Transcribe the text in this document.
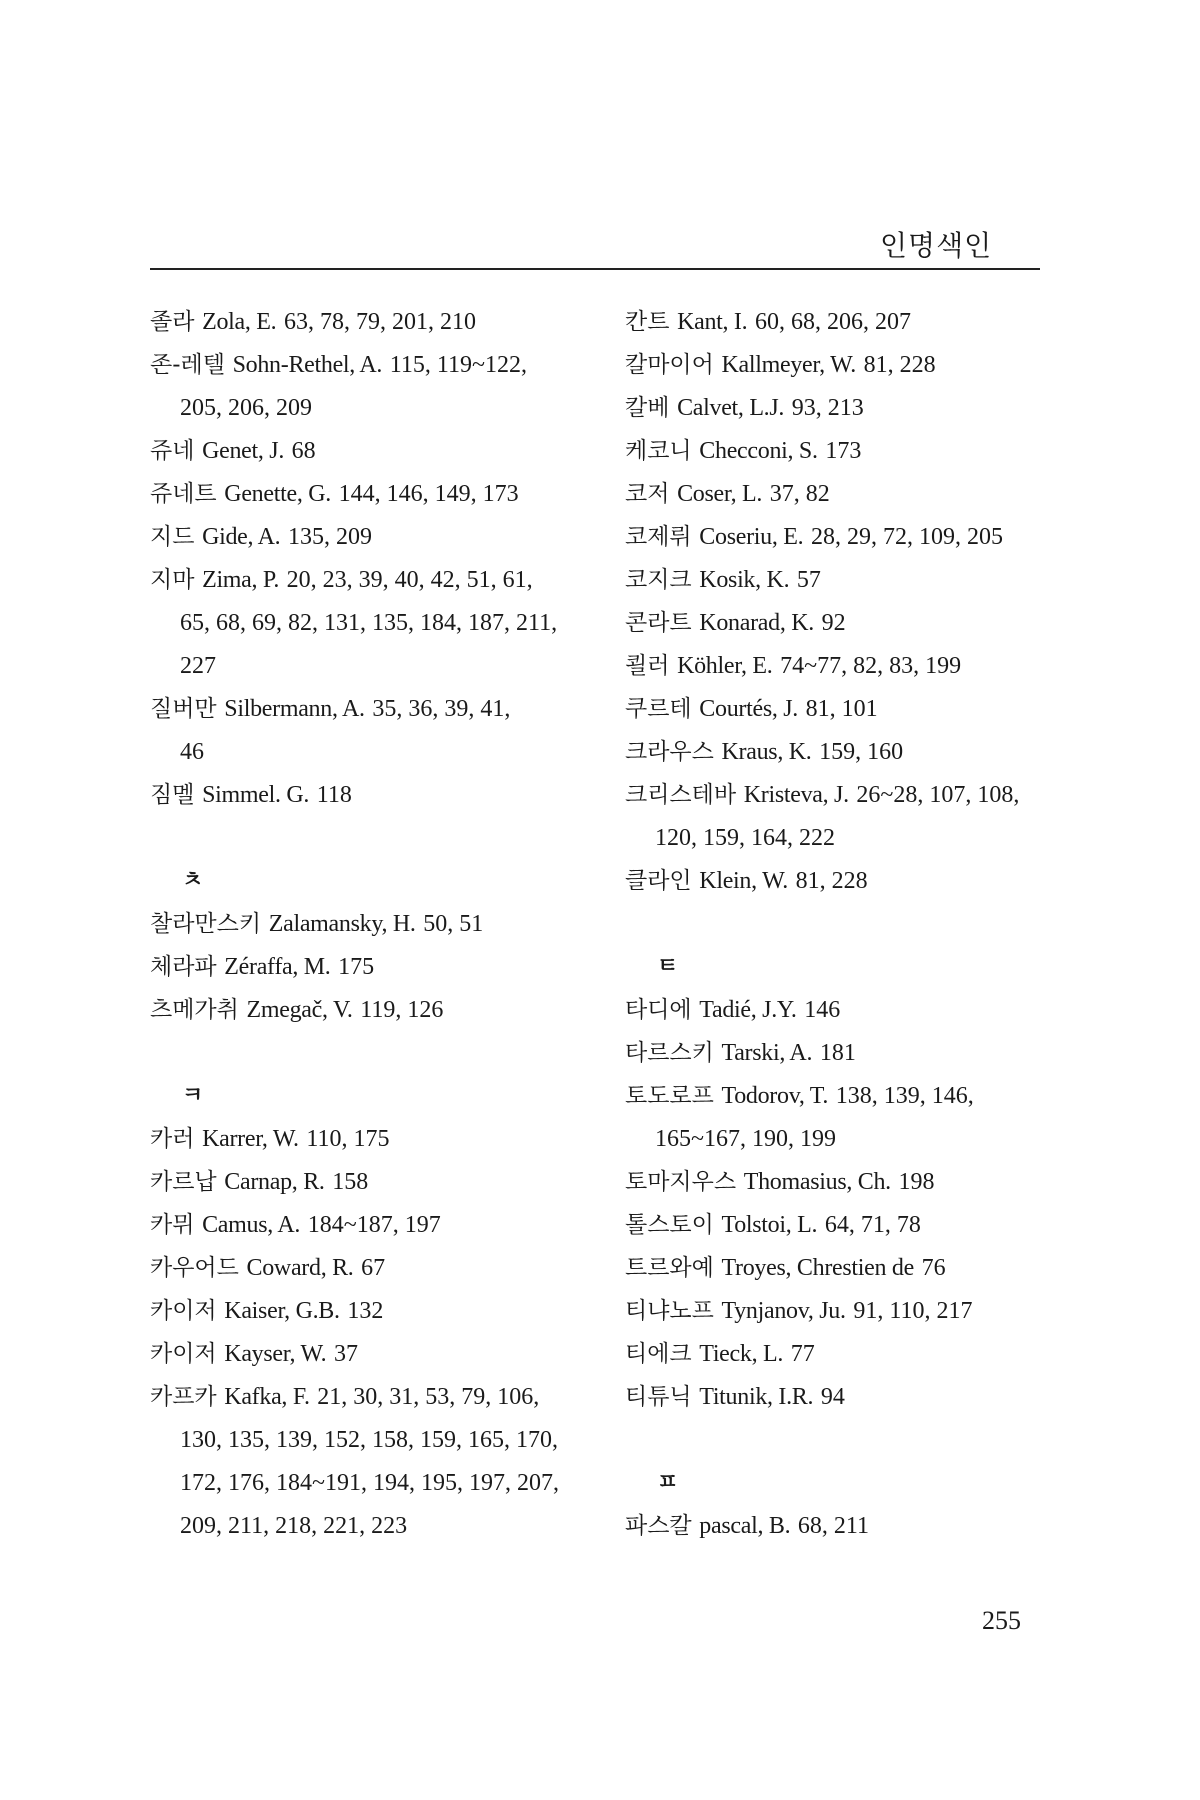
인명색인
졸라 Zola, E. 63, 78, 79, 201, 210
존-레텔 Sohn-Rethel, A. 115, 119~122,
205, 206, 209
쥬네 Genet, J. 68
쥬네트 Genette, G. 144, 146, 149, 173
지드 Gide, A. 135, 209
지마 Zima, P. 20, 23, 39, 40, 42, 51, 61,
65, 68, 69, 82, 131, 135, 184, 187, 211,
227
질버만 Silbermann, A. 35, 36, 39, 41,
46
짐멜 Simmel. G. 118
ㅊ
찰라만스키 Zalamansky, H. 50, 51
체라파 Zéraffa, M. 175
츠메가취 Zmegač, V. 119, 126
ㅋ
카러 Karrer, W. 110, 175
카르납 Carnap, R. 158
카뮈 Camus, A. 184~187, 197
카우어드 Coward, R. 67
카이저 Kaiser, G.B. 132
카이저 Kayser, W. 37
카프카 Kafka, F. 21, 30, 31, 53, 79, 106,
130, 135, 139, 152, 158, 159, 165, 170,
172, 176, 184~191, 194, 195, 197, 207,
209, 211, 218, 221, 223
칸트 Kant, I. 60, 68, 206, 207
칼마이어 Kallmeyer, W. 81, 228
칼베 Calvet, L.J. 93, 213
케코니 Checconi, S. 173
코저 Coser, L. 37, 82
코제뤼 Coseriu, E. 28, 29, 72, 109, 205
코지크 Kosik, K. 57
콘라트 Konarad, K. 92
쾰러 Köhler, E. 74~77, 82, 83, 199
쿠르테 Courtés, J. 81, 101
크라우스 Kraus, K. 159, 160
크리스테바 Kristeva, J. 26~28, 107, 108,
120, 159, 164, 222
클라인 Klein, W. 81, 228
ㅌ
타디에 Tadié, J.Y. 146
타르스키 Tarski, A. 181
토도로프 Todorov, T. 138, 139, 146,
165~167, 190, 199
토마지우스 Thomasius, Ch. 198
톨스토이 Tolstoi, L. 64, 71, 78
트르와예 Troyes, Chrestien de 76
티냐노프 Tynjanov, Ju. 91, 110, 217
티에크 Tieck, L. 77
티튜닉 Titunik, I.R. 94
ㅍ
파스칼 pascal, B. 68, 211
255
